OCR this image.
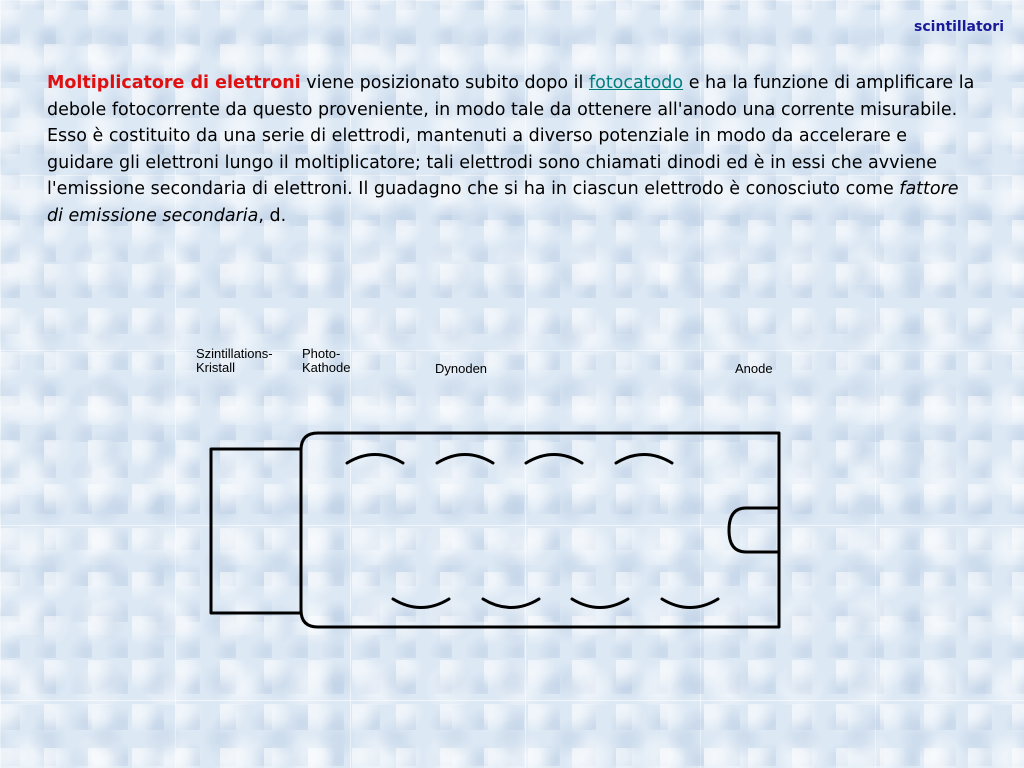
scintillatori

Moltiplicatore di elettroni viene posizionato subito dopo il fotocatodo e ha la funzione di amplificare la debole fotocorrente da questo proveniente, in modo tale da ottenere all'anodo una corrente misurabile.

Esso è costituito da una serie di elettrodi, mantenuti a diverso potenziale in modo da accelerare e guidare gli elettroni lungo il moltiplicatore; tali elettrodi sono chiamati dinodi ed è in essi che avviene l'emissione secondaria di elettroni. Il guadagno che si ha in ciascun elettrodo è conosciuto come fattore di emissione secondaria, d.

Szintillations-
Kristall
Photo-
Kathode	Dynoden	Anode
